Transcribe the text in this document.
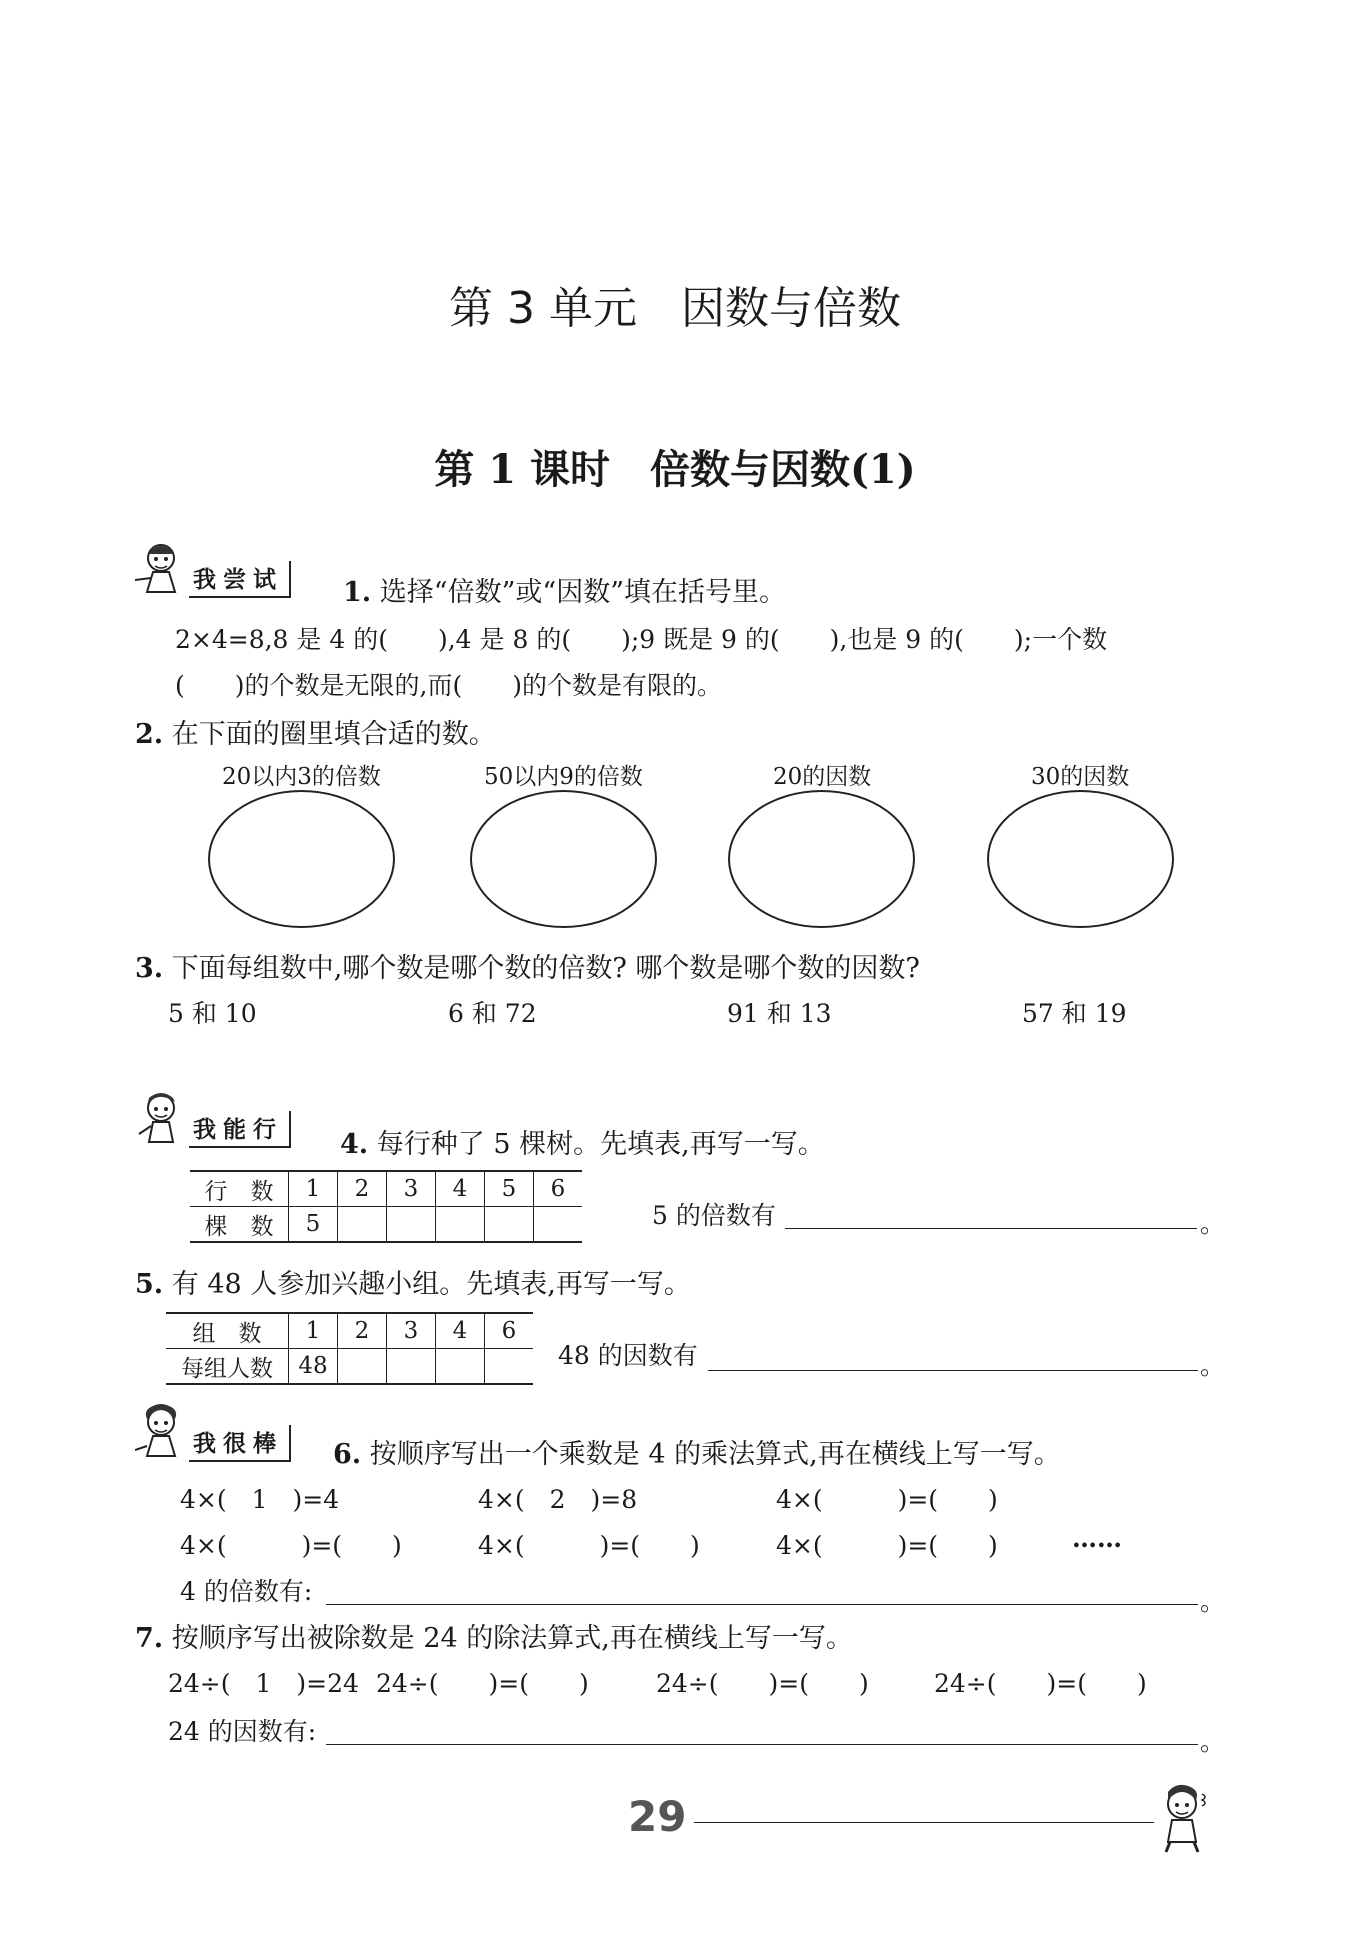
第 3 单元　因数与倍数
第 1 课时　倍数与因数(1)
我尝试 1. 选择“倍数”或“因数”填在括号里。
2×4=8,8 是 4 的(　　),4 是 8 的(　　);9 既是 9 的(　　),也是 9 的(　　);一个数
(　　)的个数是无限的,而(　　)的个数是有限的。
2. 在下面的圈里填合适的数。
20以内3的倍数	50以内9的倍数	20的因数	30的因数
3. 下面每组数中,哪个数是哪个数的倍数? 哪个数是哪个数的因数?
5 和 10	6 和 72	91 和 13	57 和 19
我能行 4. 每行种了 5 棵树。先填表,再写一写。
行　数	1	2	3	4	5	6
棵　数	5						5 的倍数有	。
5. 有 48 人参加兴趣小组。先填表,再写一写。
组　数	1	2	3	4	6
每组人数	48					48 的因数有	。
我很棒 6. 按顺序写出一个乘数是 4 的乘法算式,再在横线上写一写。
4×(　1　)=4	4×(　2　)=8	4×(　　　)=(　　)
4×(　　　)=(　　)	4×(　　　)=(　　)	4×(　　　)=(　　)	……
4 的倍数有:	。
7. 按顺序写出被除数是 24 的除法算式,再在横线上写一写。
24÷(　1　)=24 24÷(　　)=(　　)	24÷(　　)=(　　)	24÷(　　)=(　　)
24 的因数有:	。
29
